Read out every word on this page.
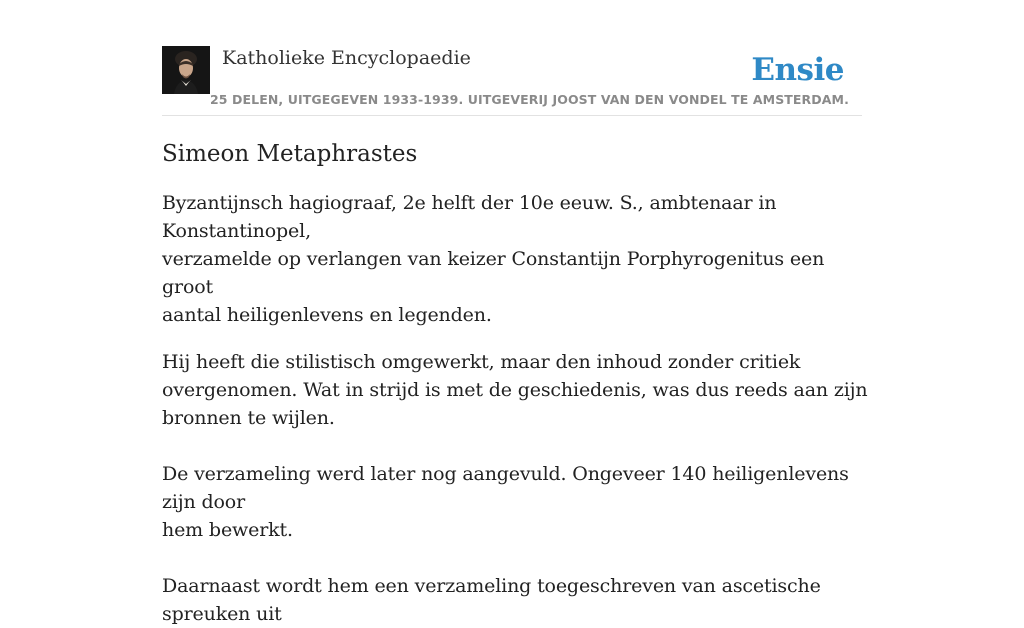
Katholieke Encyclopaedie
25 DELEN, UITGEGEVEN 1933-1939. UITGEVERIJ JOOST VAN DEN VONDEL TE AMSTERDAM.
Ensie
Simeon Metaphrastes

Byzantijnsch hagiograaf, 2e helft der 10e eeuw. S., ambtenaar in Konstantinopel,
verzamelde op verlangen van keizer Constantijn Porphyrogenitus een groot
aantal heiligenlevens en legenden.

Hij heeft die stilistisch omgewerkt, maar den inhoud zonder critiek
overgenomen. Wat in strijd is met de geschiedenis, was dus reeds aan zijn
bronnen te wijlen.

De verzameling werd later nog aangevuld. Ongeveer 140 heiligenlevens zijn door
hem bewerkt.

Daarnaast wordt hem een verzameling toegeschreven van ascetische spreuken uit
